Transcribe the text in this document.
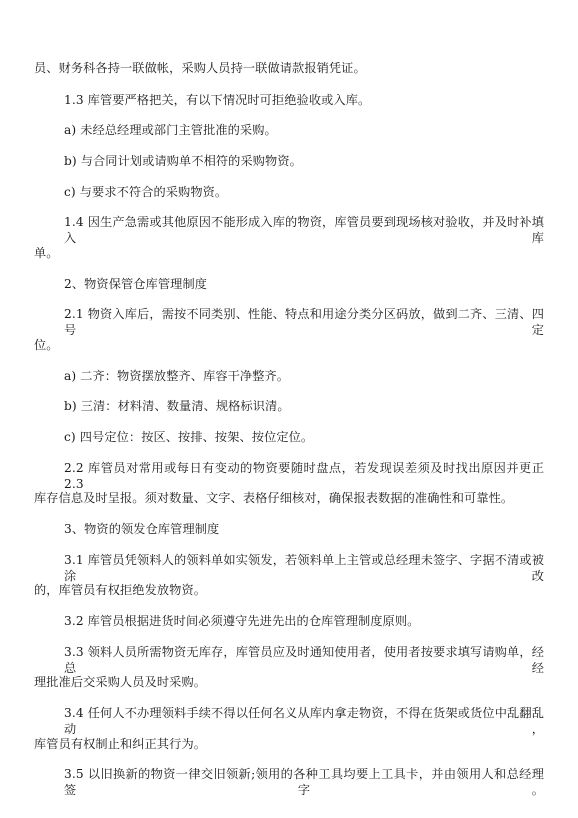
员、财务科各持一联做帐，采购人员持一联做请款报销凭证。
1.3 库管要严格把关，有以下情况时可拒绝验收或入库。
a) 未经总经理或部门主管批准的采购。
b) 与合同计划或请购单不相符的采购物资。
c) 与要求不符合的采购物资。
1.4 因生产急需或其他原因不能形成入库的物资，库管员要到现场核对验收，并及时补填入库
单。
2、物资保管仓库管理制度
2.1 物资入库后，需按不同类别、性能、特点和用途分类分区码放，做到二齐、三清、四号定
位。
a) 二齐：物资摆放整齐、库容干净整齐。
b) 三清：材料清、数量清、规格标识清。
c) 四号定位：按区、按排、按架、按位定位。
2.2 库管员对常用或每日有变动的物资要随时盘点，若发现误差须及时找出原因并更正 2.3
库存信息及时呈报。须对数量、文字、表格仔细核对，确保报表数据的准确性和可靠性。
3、物资的领发仓库管理制度
3.1 库管员凭领料人的领料单如实领发，若领料单上主管或总经理未签字、字据不清或被涂改
的，库管员有权拒绝发放物资。
3.2 库管员根据进货时间必须遵守先进先出的仓库管理制度原则。
3.3 领料人员所需物资无库存，库管员应及时通知使用者，使用者按要求填写请购单，经总经
理批准后交采购人员及时采购。
3.4 任何人不办理领料手续不得以任何名义从库内拿走物资，不得在货架或货位中乱翻乱动，
库管员有权制止和纠正其行为。
3.5 以旧换新的物资一律交旧领新;领用的各种工具均要上工具卡，并由领用人和总经理签字。
